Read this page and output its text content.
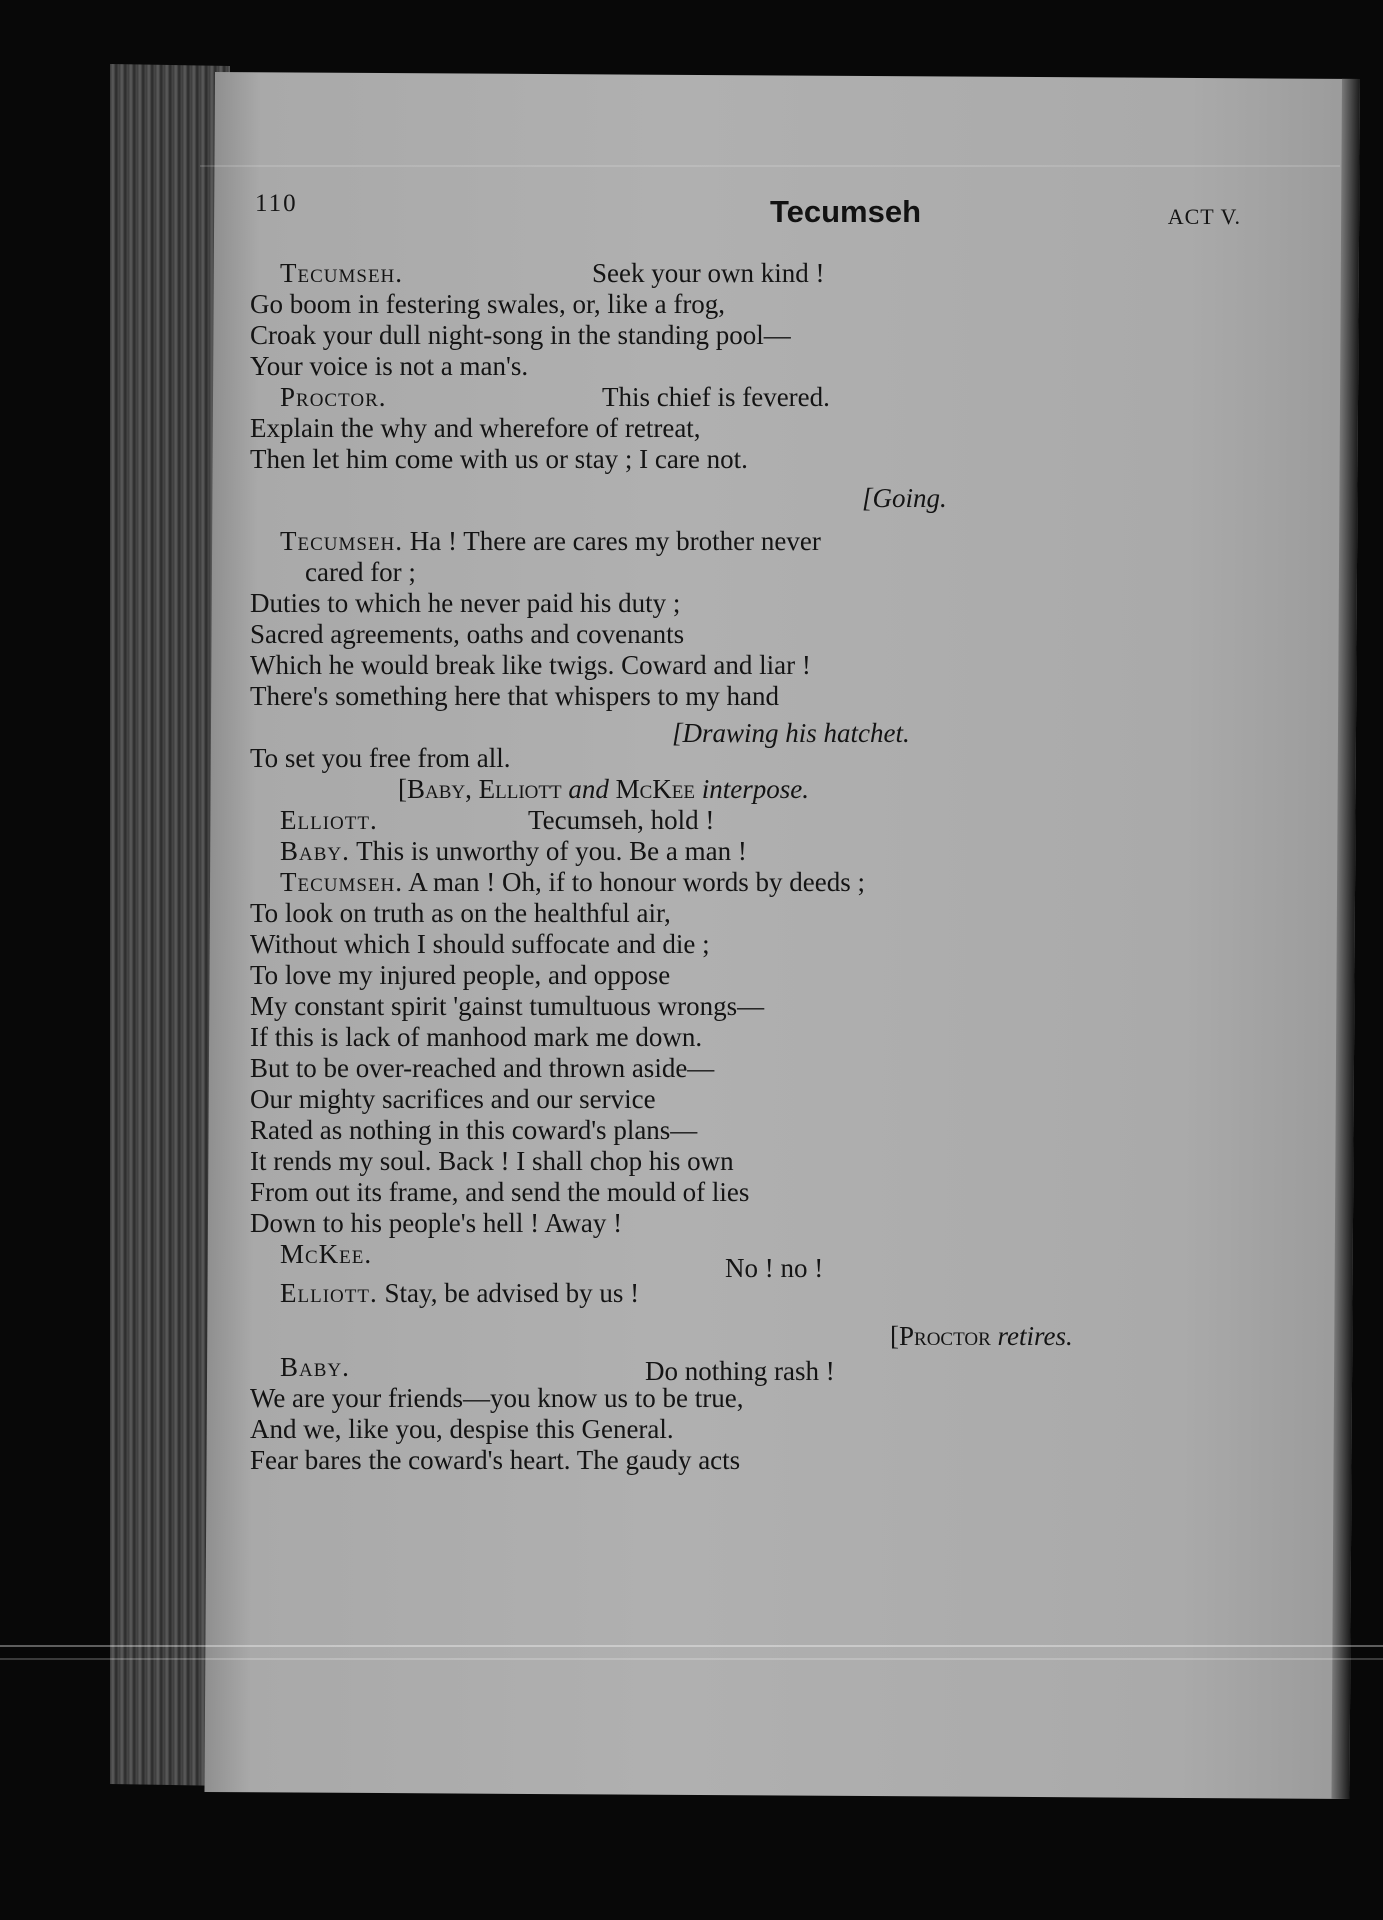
110	Tecumseh	ACT V.
Tecumseh.	Seek your own kind !
Go boom in festering swales, or, like a frog,
Croak your dull night-song in the standing pool—
Your voice is not a man's.
Proctor.	This chief is fevered.
Explain the why and wherefore of retreat,
Then let him come with us or stay ; I care not.
[Going.
Tecumseh. Ha ! There are cares my brother never
cared for ;
Duties to which he never paid his duty ;
Sacred agreements, oaths and covenants
Which he would break like twigs. Coward and liar !
There's something here that whispers to my hand
[Drawing his hatchet.
To set you free from all.
[Baby, Elliott and McKee interpose.
Elliott.	Tecumseh, hold !
Baby. This is unworthy of you. Be a man !
Tecumseh. A man ! Oh, if to honour words by deeds ;
To look on truth as on the healthful air,
Without which I should suffocate and die ;
To love my injured people, and oppose
My constant spirit 'gainst tumultuous wrongs—
If this is lack of manhood mark me down.
But to be over-reached and thrown aside—
Our mighty sacrifices and our service
Rated as nothing in this coward's plans—
It rends my soul. Back ! I shall chop his own
From out its frame, and send the mould of lies
Down to his people's hell ! Away !
McKee.	No ! no !
Elliott. Stay, be advised by us !
[Proctor retires.
Baby.	Do nothing rash !
We are your friends—you know us to be true,
And we, like you, despise this General.
Fear bares the coward's heart. The gaudy acts
